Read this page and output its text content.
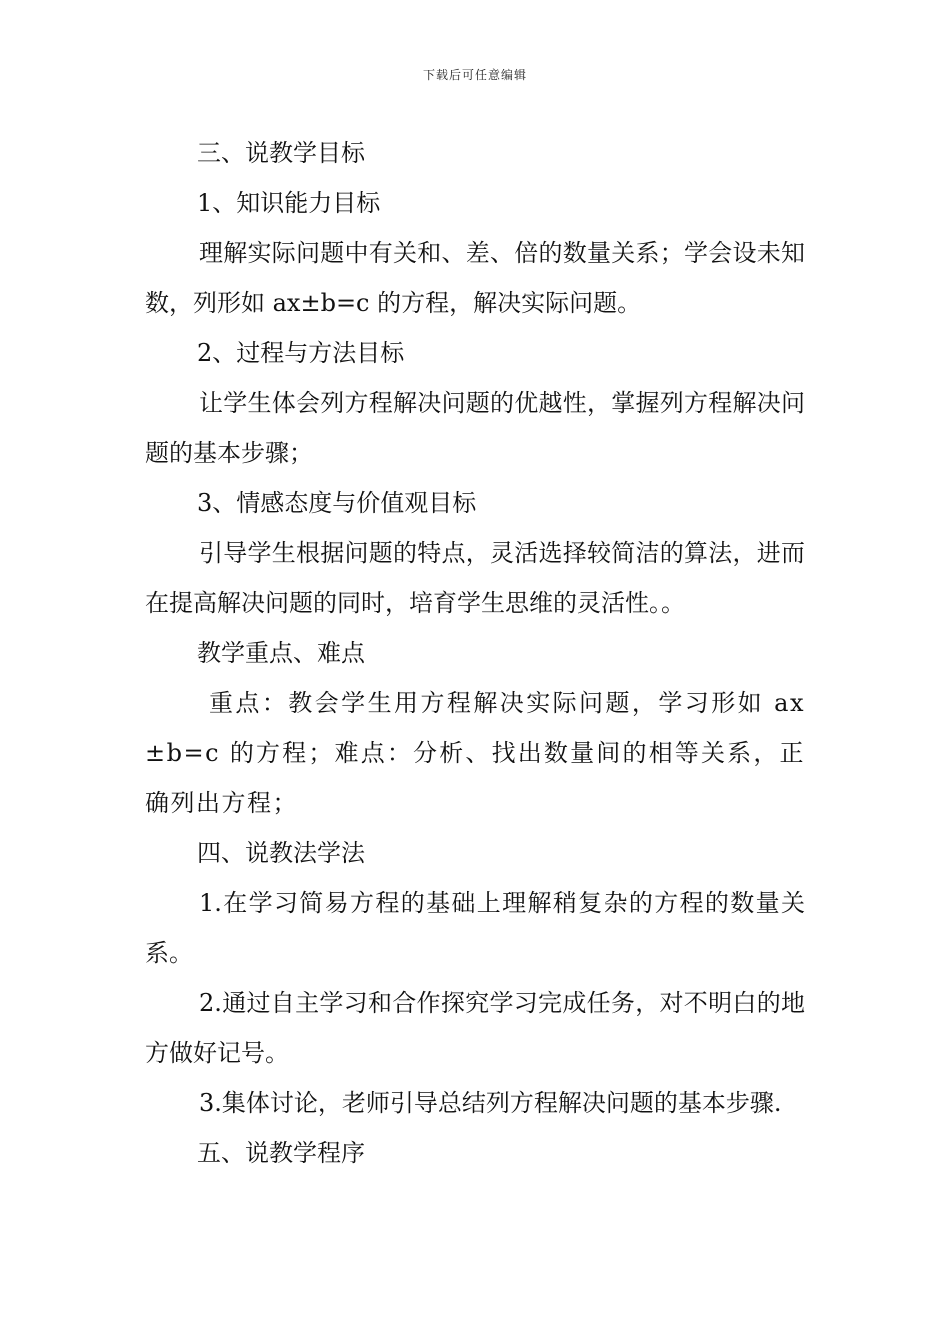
下载后可任意编辑

三、说教学目标

1、知识能力目标

理解实际问题中有关和、差、倍的数量关系；学会设未知数，列形如 ax±b=c 的方程，解决实际问题。

2、过程与方法目标

让学生体会列方程解决问题的优越性，掌握列方程解决问题的基本步骤；

3、情感态度与价值观目标

引导学生根据问题的特点，灵活选择较简洁的算法，进而在提高解决问题的同时，培育学生思维的灵活性。。

教学重点、难点

重点：教会学生用方程解决实际问题，学习形如 ax±b=c 的方程；难点：分析、找出数量间的相等关系，正确列出方程；

四、说教法学法

1.在学习简易方程的基础上理解稍复杂的方程的数量关系。

2.通过自主学习和合作探究学习完成任务，对不明白的地方做好记号。

3.集体讨论，老师引导总结列方程解决问题的基本步骤.

五、说教学程序
